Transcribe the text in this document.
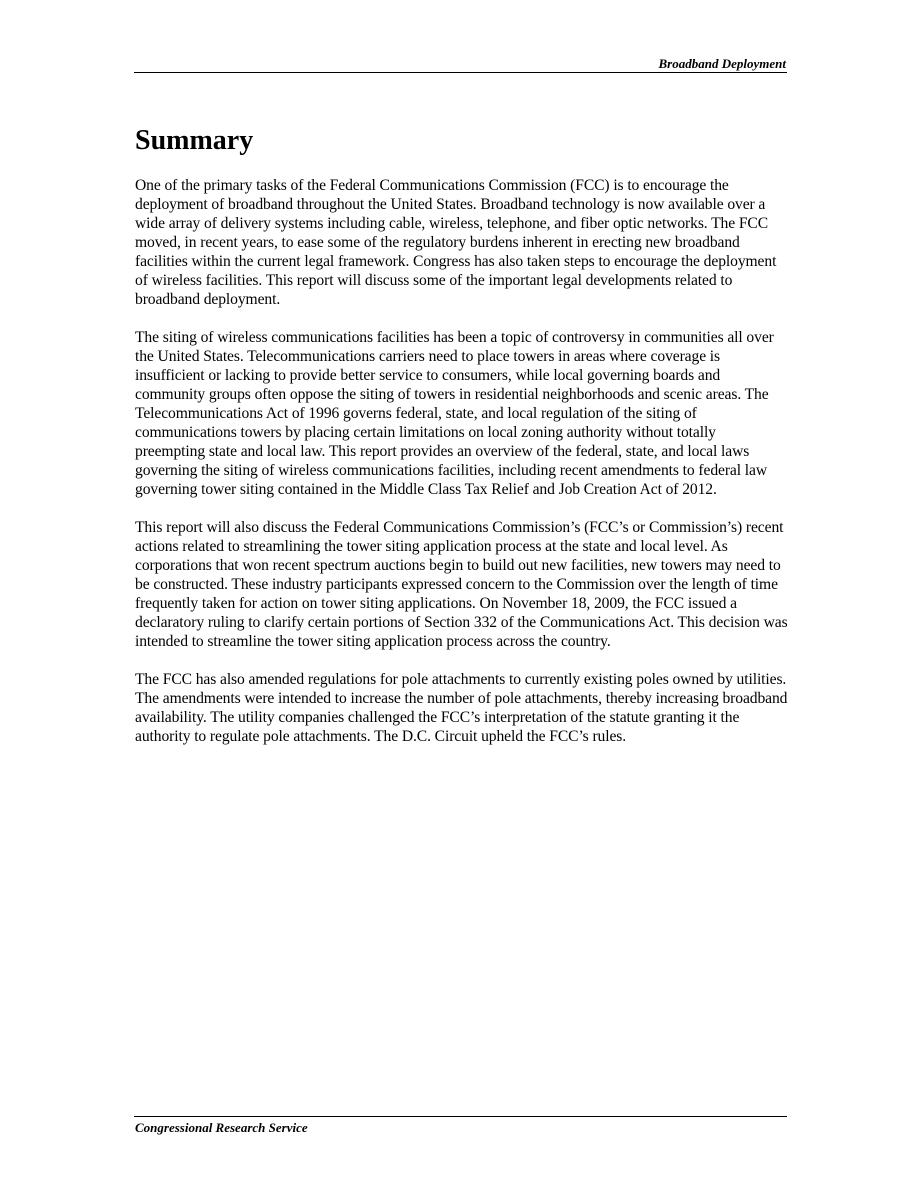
Broadband Deployment
Summary

One of the primary tasks of the Federal Communications Commission (FCC) is to encourage the deployment of broadband throughout the United States. Broadband technology is now available over a wide array of delivery systems including cable, wireless, telephone, and fiber optic networks. The FCC moved, in recent years, to ease some of the regulatory burdens inherent in erecting new broadband facilities within the current legal framework. Congress has also taken steps to encourage the deployment of wireless facilities. This report will discuss some of the important legal developments related to broadband deployment.

The siting of wireless communications facilities has been a topic of controversy in communities all over the United States. Telecommunications carriers need to place towers in areas where coverage is insufficient or lacking to provide better service to consumers, while local governing boards and community groups often oppose the siting of towers in residential neighborhoods and scenic areas. The Telecommunications Act of 1996 governs federal, state, and local regulation of the siting of communications towers by placing certain limitations on local zoning authority without totally preempting state and local law. This report provides an overview of the federal, state, and local laws governing the siting of wireless communications facilities, including recent amendments to federal law governing tower siting contained in the Middle Class Tax Relief and Job Creation Act of 2012.

This report will also discuss the Federal Communications Commission’s (FCC’s or Commission’s) recent actions related to streamlining the tower siting application process at the state and local level. As corporations that won recent spectrum auctions begin to build out new facilities, new towers may need to be constructed. These industry participants expressed concern to the Commission over the length of time frequently taken for action on tower siting applications. On November 18, 2009, the FCC issued a declaratory ruling to clarify certain portions of Section 332 of the Communications Act. This decision was intended to streamline the tower siting application process across the country.

The FCC has also amended regulations for pole attachments to currently existing poles owned by utilities. The amendments were intended to increase the number of pole attachments, thereby increasing broadband availability. The utility companies challenged the FCC’s interpretation of the statute granting it the authority to regulate pole attachments. The D.C. Circuit upheld the FCC’s rules.

Congressional Research Service
